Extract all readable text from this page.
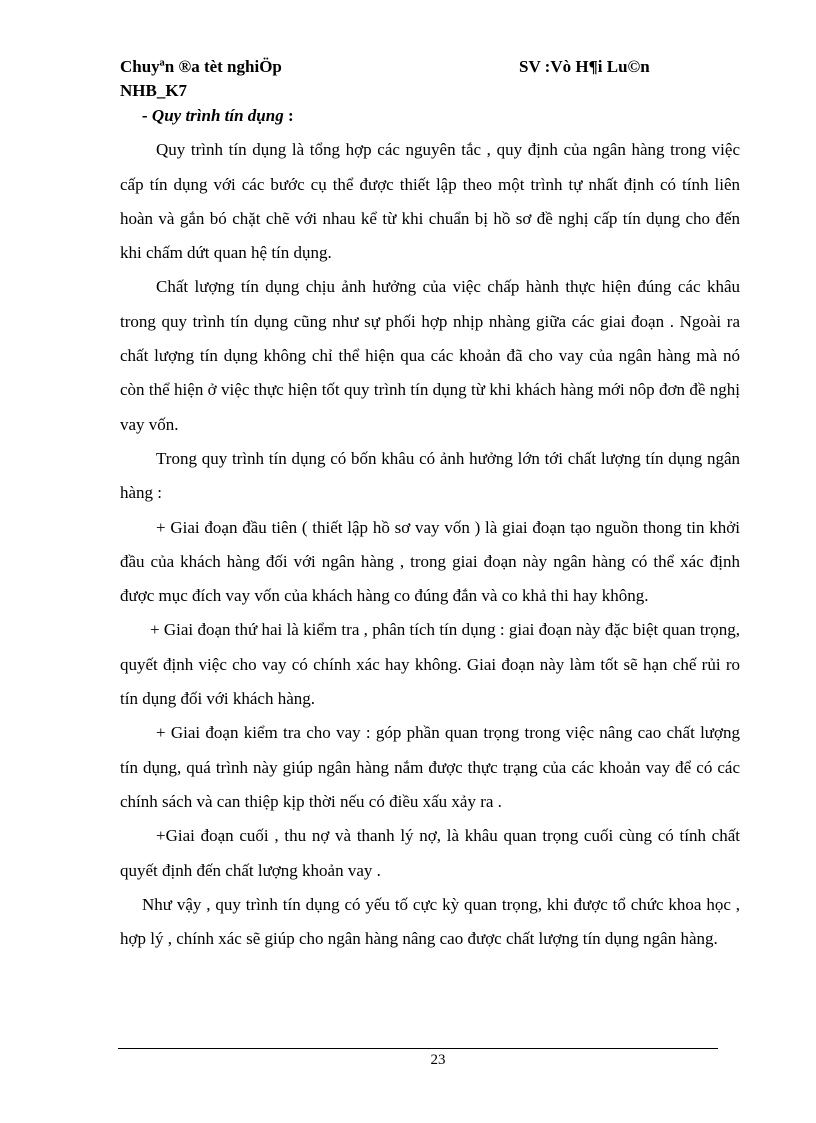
Chuyªn ®a tèt nghiÖp	SV :Vò H¶i Lu©n
NHB_K7

- Quy trình tín dụng :

Quy trình tín dụng là tổng hợp các nguyên tắc , quy định của ngân hàng trong việc cấp tín dụng với các bước cụ thể được thiết lập theo một trình tự nhất định có tính liên hoàn và gắn bó chặt chẽ với nhau kể từ khi chuẩn bị hồ sơ đề nghị cấp tín dụng cho đến khi chấm dứt quan hệ tín dụng.

Chất lượng tín dụng chịu ảnh hưởng của việc chấp hành thực hiện đúng các khâu trong quy trình tín dụng cũng như sự phối hợp nhịp nhàng giữa các giai đoạn . Ngoài ra chất lượng tín dụng không chỉ thể hiện qua các khoản đã cho vay của ngân hàng mà nó còn thể hiện ở việc thực hiện tốt quy trình tín dụng từ khi khách hàng mới nôp đơn đề nghị vay vốn.

Trong quy trình tín dụng có bốn khâu có ảnh hưởng lớn tới chất lượng tín dụng ngân hàng :

+ Giai đoạn đầu tiên ( thiết lập hồ sơ vay vốn ) là giai đoạn tạo nguồn thong tin khởi đầu của khách hàng đối với ngân hàng , trong giai đoạn này ngân hàng có thể xác định được mục đích vay vốn của khách hàng co đúng đắn và co khả thi hay không.

+ Giai đoạn thứ hai là kiểm tra , phân tích tín dụng : giai đoạn này đặc biệt quan trọng, quyết định việc cho vay có chính xác hay không. Giai đoạn này làm tốt sẽ hạn chế rủi ro tín dụng đối với khách hàng.

+ Giai đoạn kiểm tra cho vay : góp phần quan trọng trong việc nâng cao chất lượng tín dụng, quá trình này giúp ngân hàng nắm được thực trạng của các khoản vay để có các chính sách và can thiệp kịp thời nếu có điều xấu xảy ra .

+Giai đoạn cuối , thu nợ và thanh lý nợ, là khâu quan trọng cuối cùng có tính chất quyết định đến chất lượng khoản vay .

Như vậy , quy trình tín dụng có yếu tố cực kỳ quan trọng, khi được tổ chức khoa học , hợp lý , chính xác sẽ giúp cho ngân hàng nâng cao được chất lượng tín dụng ngân hàng.

23
